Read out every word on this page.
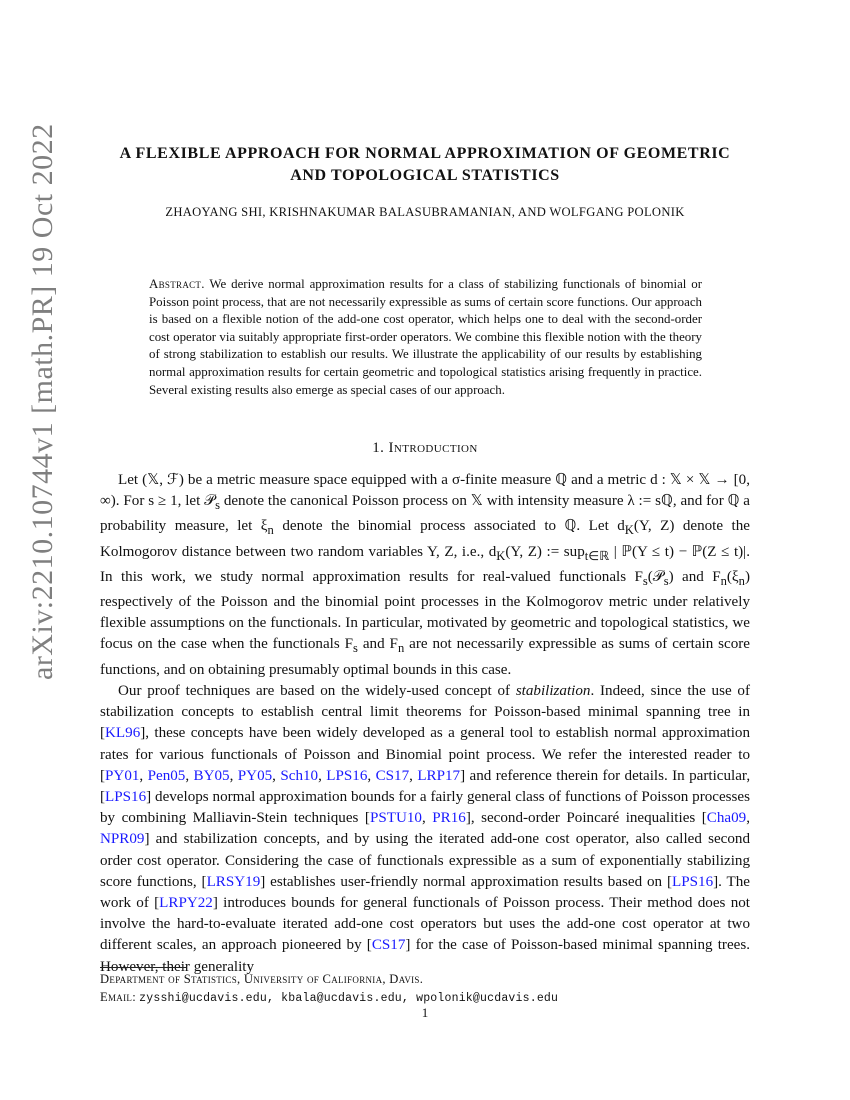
arXiv:2210.10744v1 [math.PR] 19 Oct 2022	A FLEXIBLE APPROACH FOR NORMAL APPROXIMATION OF GEOMETRIC AND TOPOLOGICAL STATISTICS
ZHAOYANG SHI, KRISHNAKUMAR BALASUBRAMANIAN, AND WOLFGANG POLONIK
Abstract. We derive normal approximation results for a class of stabilizing functionals of binomial or Poisson point process, that are not necessarily expressible as sums of certain score functions. Our approach is based on a flexible notion of the add-one cost operator, which helps one to deal with the second-order cost operator via suitably appropriate first-order operators. We combine this flexible notion with the theory of strong stabilization to establish our results. We illustrate the applicability of our results by establishing normal approximation results for certain geometric and topological statistics arising frequently in practice. Several existing results also emerge as special cases of our approach.
1. Introduction

Let (𝕏, ℱ) be a metric measure space equipped with a σ-finite measure ℚ and a metric d : 𝕏 × 𝕏 → [0, ∞). For s ≥ 1, let 𝒫$_s$ denote the canonical Poisson process on 𝕏 with intensity measure λ := sℚ, and for ℚ a probability measure, let $\xi_n$ denote the binomial process associated to ℚ. Let $d_K(Y$, Z) denote the Kolmogorov distance between two random variables Y, Z, i.e., $d_K(Y$, Z) := sup$_{t\in ℝ}$ | ℙ(Y ≤ t) − ℙ(Z ≤ t)|. In this work, we study normal approximation results for real-valued functionals $F_s(𝒫_s)$ and $F_n(\xi_n)$ respectively of the Poisson and the binomial point processes in the Kolmogorov metric under relatively flexible assumptions on the functionals. In particular, motivated by geometric and topological statistics, we focus on the case when the functionals $F_s$ and $F_n$ are not necessarily expressible as sums of certain score functions, and on obtaining presumably optimal bounds in this case.

Our proof techniques are based on the widely-used concept of stabilization. Indeed, since the use of stabilization concepts to establish central limit theorems for Poisson-based minimal spanning tree in [KL96], these concepts have been widely developed as a general tool to establish normal approximation rates for various functionals of Poisson and Binomial point process. We refer the interested reader to [PY01, Pen05, BY05, PY05, Sch10, LPS16, CS17, LRP17] and reference therein for details. In particular, [LPS16] develops normal approximation bounds for a fairly general class of functions of Poisson processes by combining Malliavin-Stein techniques [PSTU10, PR16], second-order Poincaré inequalities [Cha09, NPR09] and stabilization concepts, and by using the iterated add-one cost operator, also called second order cost operator. Considering the case of functionals expressible as a sum of exponentially stabilizing score functions, [LRSY19] establishes user-friendly normal approximation results based on [LPS16]. The work of [LRPY22] introduces bounds for general functionals of Poisson process. Their method does not involve the hard-to-evaluate iterated add-one cost operators but uses the add-one cost operator at two different scales, an approach pioneered by [CS17] for the case of Poisson-based minimal spanning trees. However, their generality

Department of Statistics, University of California, Davis.
Email: zysshi@ucdavis.edu, kbala@ucdavis.edu, wpolonik@ucdavis.edu
1
